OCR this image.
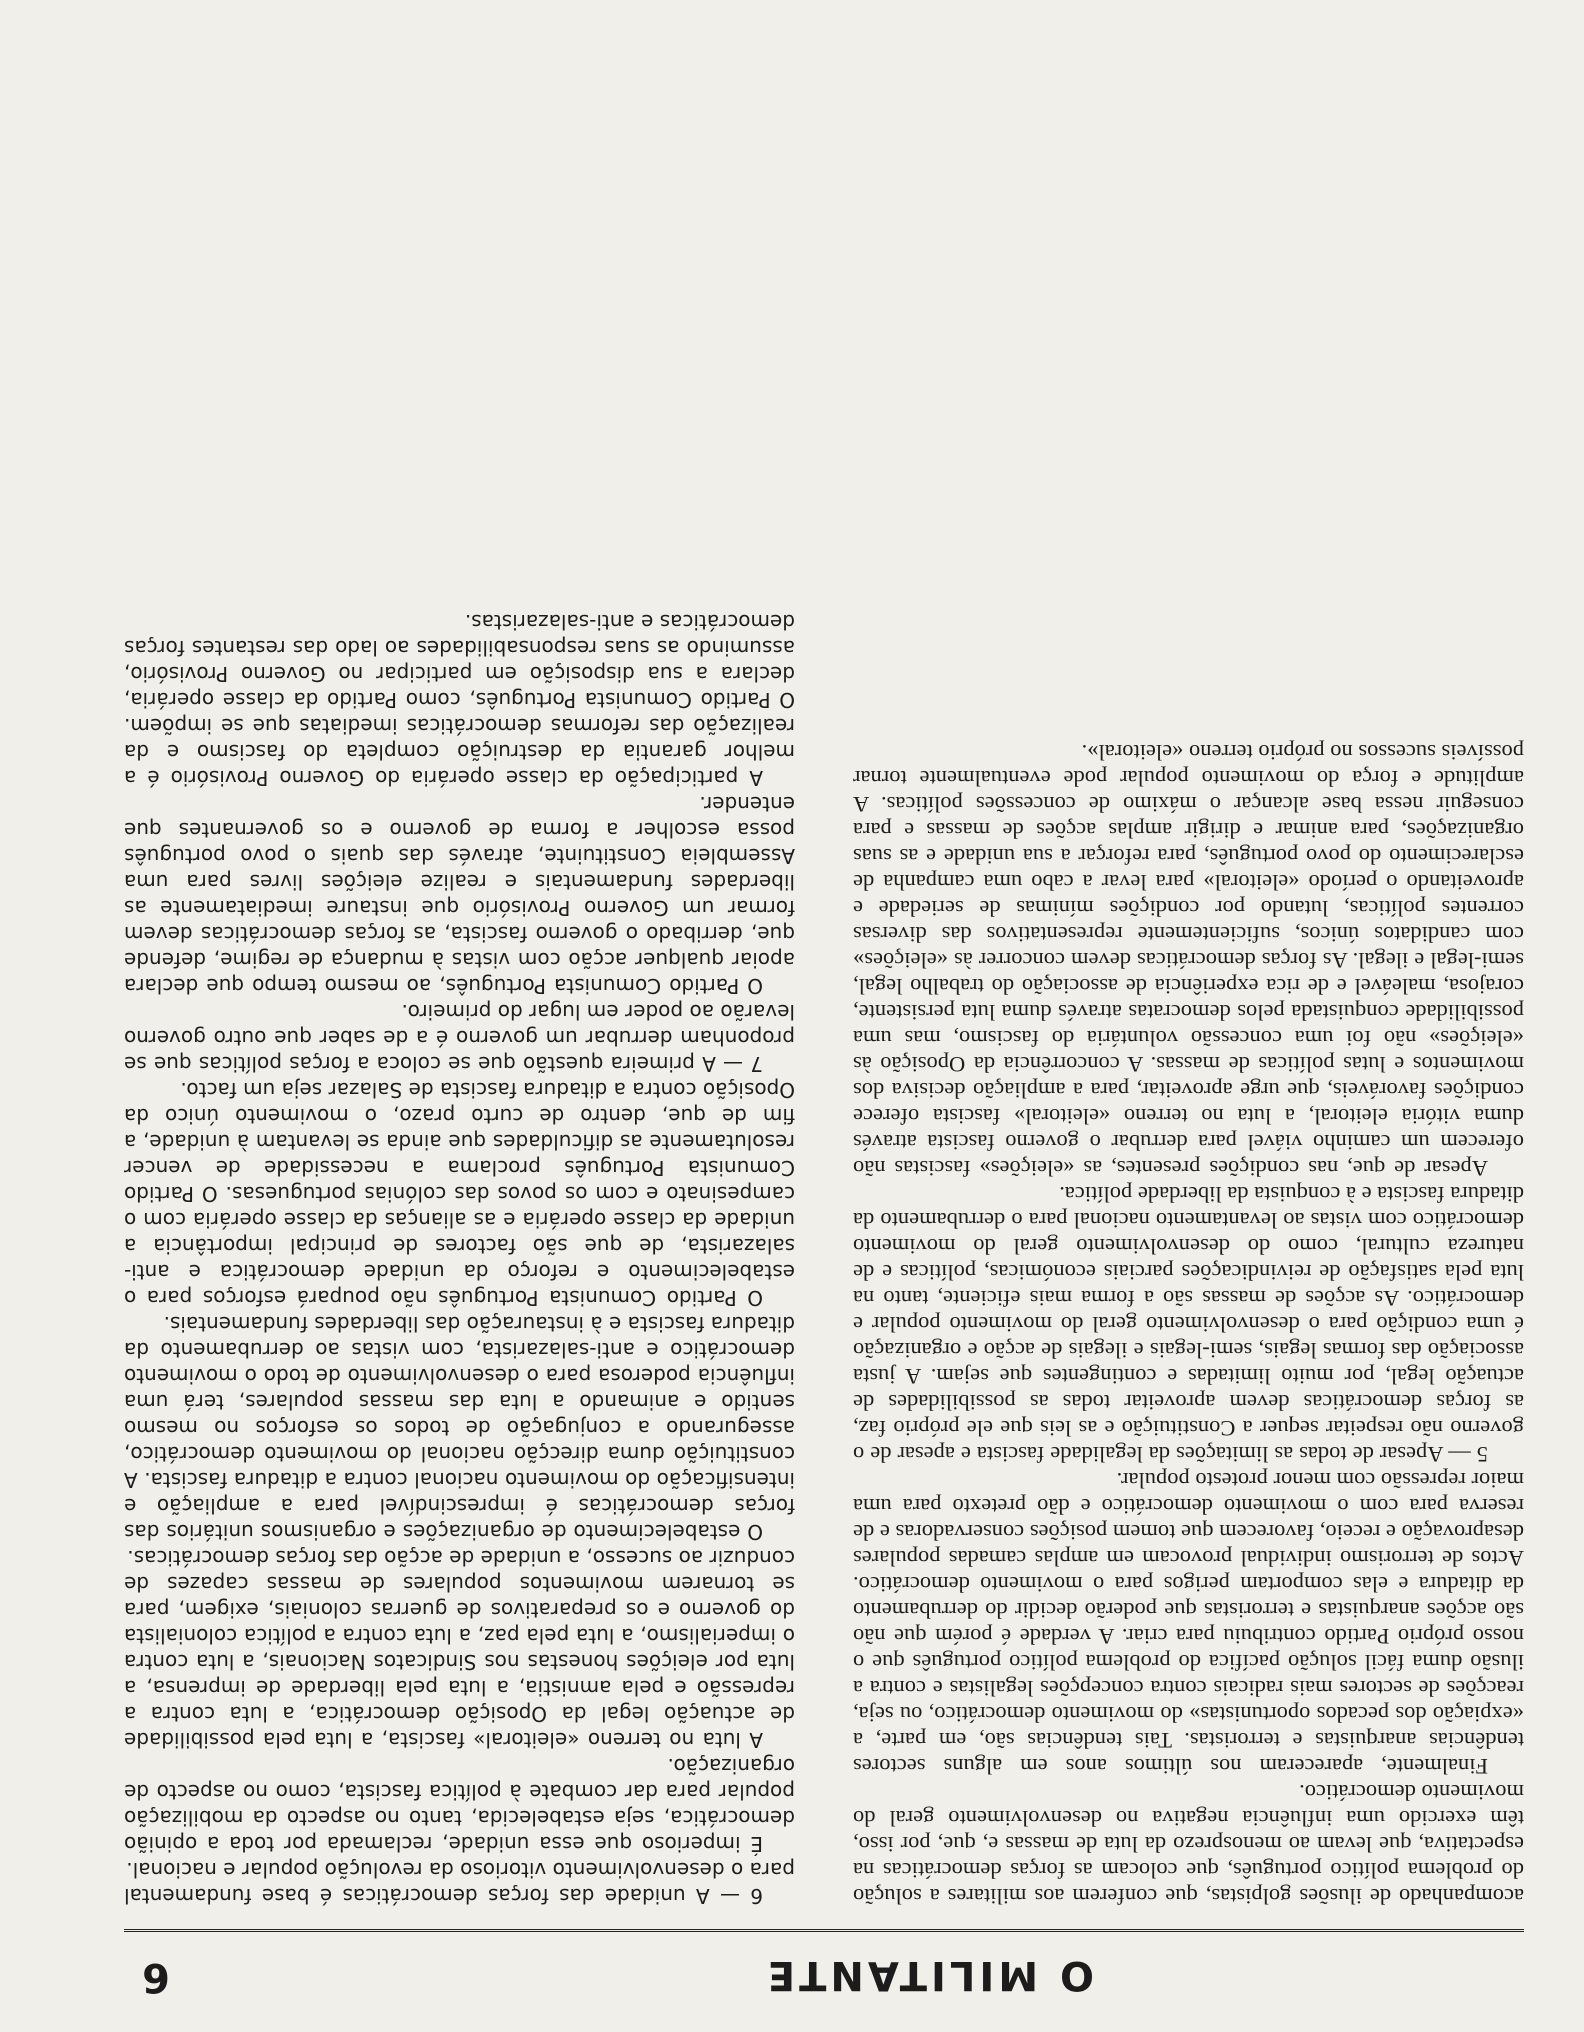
O MILITANTE
6

acompanhado de ilusões golpistas, que conferem aos militares a solução do problema político português, que colocam as forças democráticas na espectativa, que levam ao menosprezo da luta de massas e, que, por isso, têm exercido uma influência negativa no desenvolvimento geral do movimento democrático.

Finalmente, apareceram nos últimos anos em alguns sectores tendências anarquistas e terroristas. Tais tendências são, em parte, a «expiação dos pecados oportunistas» do movimento democrático, ou seja, reacções de sectores mais radicais contra concepções legalistas e contra a ilusão duma fácil solução pacífica do problema político português que o nosso próprio Partido contribuiu para criar. A verdade é porém que não são acções anarquistas e terroristas que poderão decidir do derrubamento da ditadura e elas comportam perigos para o movimento democrático. Actos de terrorismo individual provocam em amplas camadas populares desaprovação e receio, favorecem que tomem posições conservadoras e de reserva para com o movimento democrático e dão pretexto para uma maior repressão com menor protesto popular.

5 — Apesar de todas as limitações da legalidade fascista e apesar de o governo não respeitar sequer a Constituição e as leis que ele próprio faz, as forças democráticas devem aproveitar todas as possibilidades de actuação legal, por muito limitadas e contingentes que sejam. A justa associação das formas legais, semi-legais e ilegais de acção e organização é uma condição para o desenvolvimento geral do movimento popular e democrático. As acções de massas são a forma mais eficiente, tanto na luta pela satisfação de reivindicações parciais económicas, políticas e de natureza cultural, como do desenvolvimento geral do movimento democrático com vistas ao levantamento nacional para o derrubamento da ditadura fascista e à conquista da liberdade política.

Apesar de que, nas condições presentes, as «eleições» fascistas não oferecem um caminho viável para derrubar o governo fascista através duma vitória eleitoral, a luta no terreno «eleitoral» fascista oferece condições favoráveis, que urge aproveitar, para a ampliação decisiva dos movimentos e lutas políticas de massas. A concorrência da Oposição às «eleições» não foi uma concessão voluntária do fascismo, mas uma possibilidade conquistada pelos democratas através duma luta persistente, corajosa, maleável e de rica experiência de associação do trabalho legal, semi-legal e ilegal. As forças democráticas devem concorrer às «eleições» com candidatos únicos, suficientemente representativos das diversas correntes políticas, lutando por condições mínimas de seriedade e aproveitando o período «eleitoral» para levar a cabo uma campanha de esclarecimento do povo português, para reforçar a sua unidade e as suas organizações, para animar e dirigir amplas acções de massas e para conseguir nessa base alcançar o máximo de concessões políticas. A amplitude e força do movimento popular pode eventualmente tornar possíveis sucessos no próprio terreno «eleitoral».

6 — A unidade das forças democráticas é base fundamental para o desenvolvimento vitorioso da revolução popular e nacional.

É imperioso que essa unidade, reclamada por toda a opinião democrática, seja estabelecida, tanto no aspecto da mobilização popular para dar combate à política fascista, como no aspecto de organização.

A luta no terreno «eleitoral» fascista, a luta pela possibilidade de actuação legal da Oposição democrática, a luta contra a repressão e pela amnistia, a luta pela liberdade de imprensa, a luta por eleições honestas nos Sindicatos Nacionais, a luta contra o imperialismo, a luta pela paz, a luta contra a política colonialista do governo e os preparativos de guerras coloniais, exigem, para se tornarem movimentos populares de massas capazes de conduzir ao sucesso, a unidade de acção das forças democráticas.

O estabelecimento de organizações e organismos unitários das forças democráticas é imprescindível para a ampliação e intensificação do movimento nacional contra a ditadura fascista. A constituição duma direcção nacional do movimento democrático, assegurando a conjugação de todos os esforços no mesmo sentido e animando a luta das massas populares, terá uma influência poderosa para o desenvolvimento de todo o movimento democrático e anti-salazarista, com vistas ao derrubamento da ditadura fascista e à instauração das liberdades fundamentais.

O Partido Comunista Português não poupará esforços para o estabelecimento e reforço da unidade democrática e anti-salazarista, de que são factores de principal importância a unidade da classe operária e as alianças da classe operária com o campesinato e com os povos das colónias portuguesas. O Partido Comunista Português proclama a necessidade de vencer resolutamente as dificuldades que ainda se levantam à unidade, a fim de que, dentro de curto prazo, o movimento único da Oposição contra a ditadura fascista de Salazar seja um facto.

7 — A primeira questão que se coloca a forças políticas que se proponham derrubar um governo é a de saber que outro governo levarão ao poder em lugar do primeiro.

O Partido Comunista Português, ao mesmo tempo que declara apoiar qualquer acção com vistas à mudança de regime, defende que, derribado o governo fascista, as forças democráticas devem formar um Governo Provisório que instaure imediatamente as liberdades fundamentais e realize eleições livres para uma Assembleia Constituinte, através das quais o povo português possa escolher a forma de governo e os governantes que entender.

A participação da classe operária do Governo Provisório é a melhor garantia da destruição completa do fascismo e da realização das reformas democráticas imediatas que se impõem. O Partido Comunista Português, como Partido da classe operária, declara a sua disposição em participar no Governo Provisório, assumindo as suas responsabilidades ao lado das restantes forças democráticas e anti-salazaristas.
